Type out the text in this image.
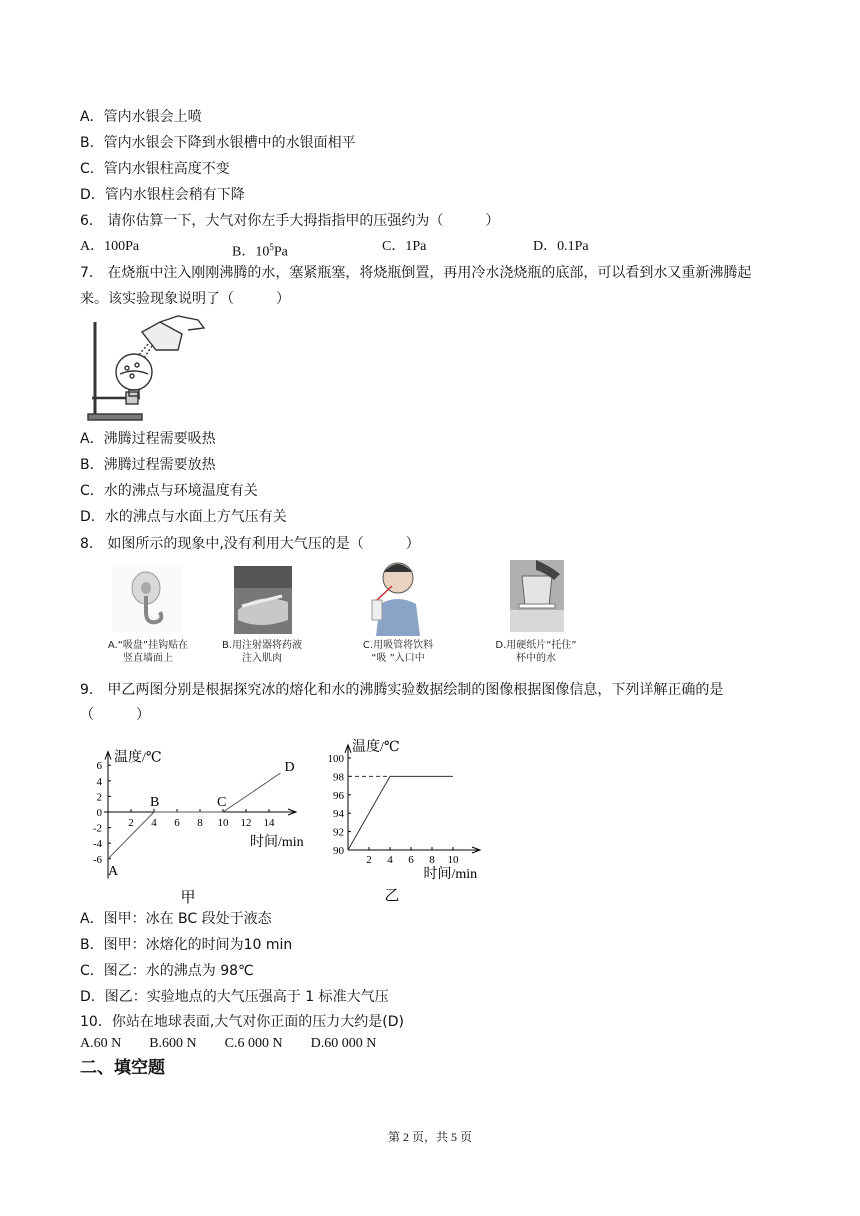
A．管内水银会上喷
B．管内水银会下降到水银槽中的水银面相平
C．管内水银柱高度不变
D．管内水银柱会稍有下降
6． 请你估算一下，大气对你左手大拇指指甲的压强约为（　　　）
A．100Pa	B．$10^5Pa$	C．1Pa	D．0.1Pa
7． 在烧瓶中注入刚刚沸腾的水，塞紧瓶塞，将烧瓶倒置，再用冷水浇烧瓶的底部，可以看到水又重新沸腾起
来。该实验现象说明了（　　　）
A．沸腾过程需要吸热
B．沸腾过程需要放热
C．水的沸点与环境温度有关
D．水的沸点与水面上方气压有关
8． 如图所示的现象中,没有利用大气压的是（　　　）
A.“吸盘”挂钩贴在
竖直墙面上
B.用注射器将药液
注入肌肉
C.用吸管将饮料
“吸 ”入口中
D.用硬纸片“托住”
杯中的水
9． 甲乙两图分别是根据探究冰的熔化和水的沸腾实验数据绘制的图像根据图像信息，下列详解正确的是
（　　　）
温度/℃
时间/min
2 4 6 8 10 12 14
-6
-4
-2
0
2
4
6
A
B	C
D
甲
温度/℃
时间/min
2 4 6 8 10
90
92
94
96
98
100
乙
A．图甲：冰在 BC 段处于液态
B．图甲：冰熔化的时间为10 min
C．图乙：水的沸点为 98℃
D．图乙：实验地点的大气压强高于 1 标准大气压
10．你站在地球表面,大气对你正面的压力大约是(D)
A.60 N　　B.600 N　　C.6 000 N　　D.60 000 N
二、填空题
第 2 页，共 5 页
